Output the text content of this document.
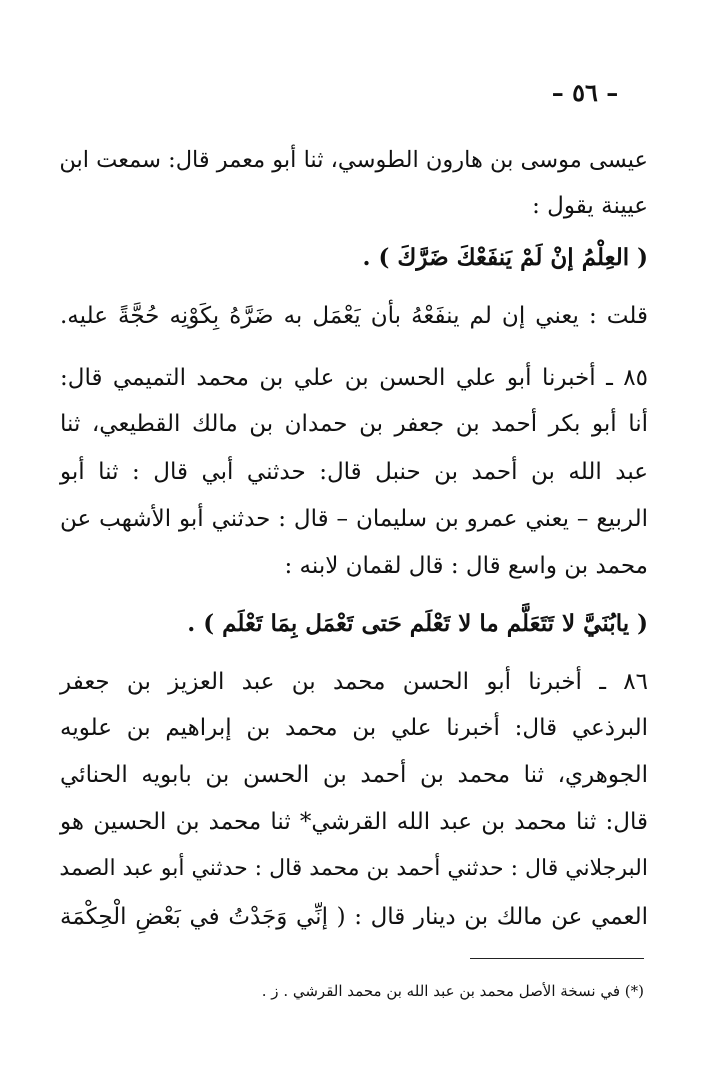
– ٥٦ –
عيسى موسى بن هارون الطوسي، ثنا أبو معمر قال: سمعت ابن
عيينة يقول :
( العِلْمُ إنْ لَمْ يَنفَعْكَ ضَرَّكَ ) .
قلت : يعني إن لم ينفَعْهُ بأن يَعْمَل به ضَرَّهُ بِكَوْنِه حُجَّةً عليه.
٨٥ ـ أخبرنا أبو علي الحسن بن علي بن محمد التميمي قال:
أنا أبو بكر أحمد بن جعفر بن حمدان بن مالك القطيعي، ثنا
عبد الله بن أحمد بن حنبل قال: حدثني أبي قال : ثنا أبو
الربيع – يعني عمرو بن سليمان – قال : حدثني أبو الأشهب عن
محمد بن واسع قال : قال لقمان لابنه :
( يابُنَيَّ لا تَتَعَلَّم ما لا تَعْلَم حَتى تَعْمَل بِمَا تَعْلَم ) .
٨٦ ـ أخبرنا أبو الحسن محمد بن عبد العزيز بن جعفر
البرذعي قال: أخبرنا علي بن محمد بن إبراهيم بن علويه
الجوهري، ثنا محمد بن أحمد بن الحسن بن بابويه الحنائي
قال: ثنا محمد بن عبد الله القرشي* ثنا محمد بن الحسين هو
البرجلاني قال : حدثني أحمد بن محمد قال : حدثني أبو عبد الصمد
العمي عن مالك بن دينار قال : ( إنِّي وَجَدْتُ في بَعْضِ الْحِكْمَة
(*) في نسخة الأصل محمد بن عبد الله بن محمد القرشي . ز .
